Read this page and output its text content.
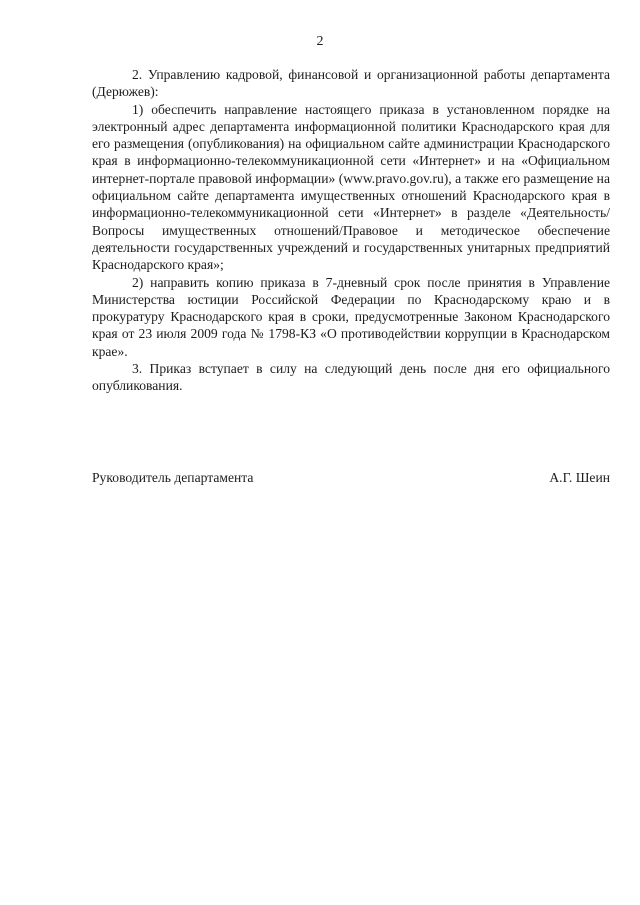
2

2. Управлению кадровой, финансовой и организационной работы департамента (Дерюжев):

1) обеспечить направление настоящего приказа в установленном порядке на электронный адрес департамента информационной политики Краснодарского края для его размещения (опубликования) на официальном сайте администрации Краснодарского края в информационно-телекоммуникационной сети «Интернет» и на «Официальном интернет-портале правовой информации» (www.pravo.gov.ru), а также его размещение на официальном сайте департамента имущественных отношений Краснодарского края в информационно-телекоммуникационной сети «Интернет» в разделе «Деятельность/Вопросы имущественных отношений/Правовое и методическое обеспечение деятельности государственных учреждений и государственных унитарных предприятий Краснодарского края»;

2) направить копию приказа в 7-дневный срок после принятия в Управление Министерства юстиции Российской Федерации по Краснодарскому краю и в прокуратуру Краснодарского края в сроки, предусмотренные Законом Краснодарского края от 23 июля 2009 года № 1798-КЗ «О противодействии коррупции в Краснодарском крае».

3. Приказ вступает в силу на следующий день после дня его официального опубликования.

Руководитель департамента	А.Г. Шеин
